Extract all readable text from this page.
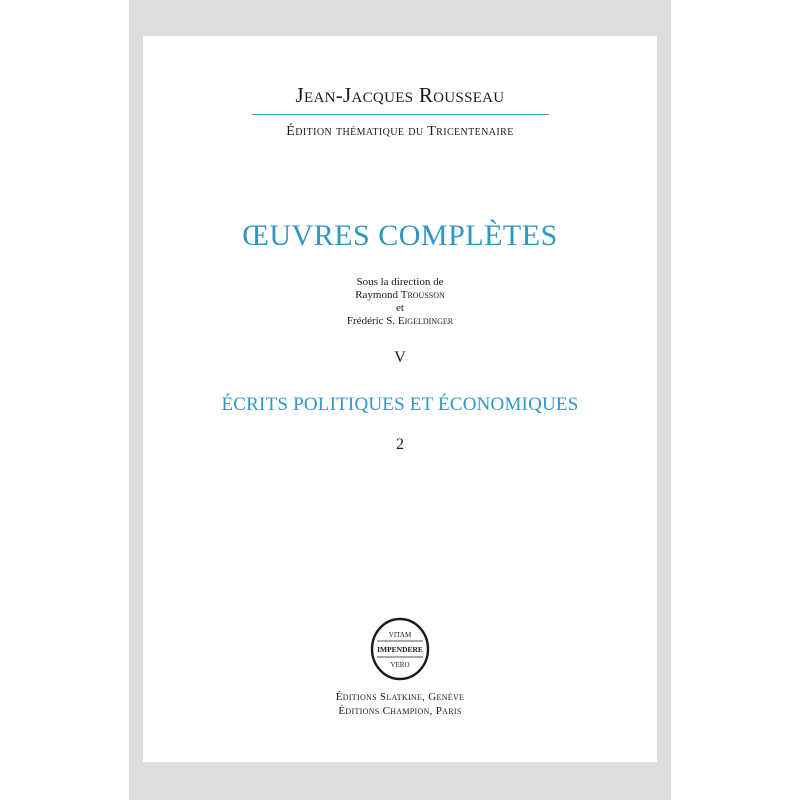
Jean-Jacques Rousseau
Édition thématique du Tricentenaire
ŒUVRES COMPLÈTES
Sous la direction de
Raymond Trousson
et
Frédéric S. Eigeldinger
V
ÉCRITS POLITIQUES ET ÉCONOMIQUES
2
VITAM
IMPENDERE
VERO
Éditions Slatkine, Genève
Éditions Champion, Paris
